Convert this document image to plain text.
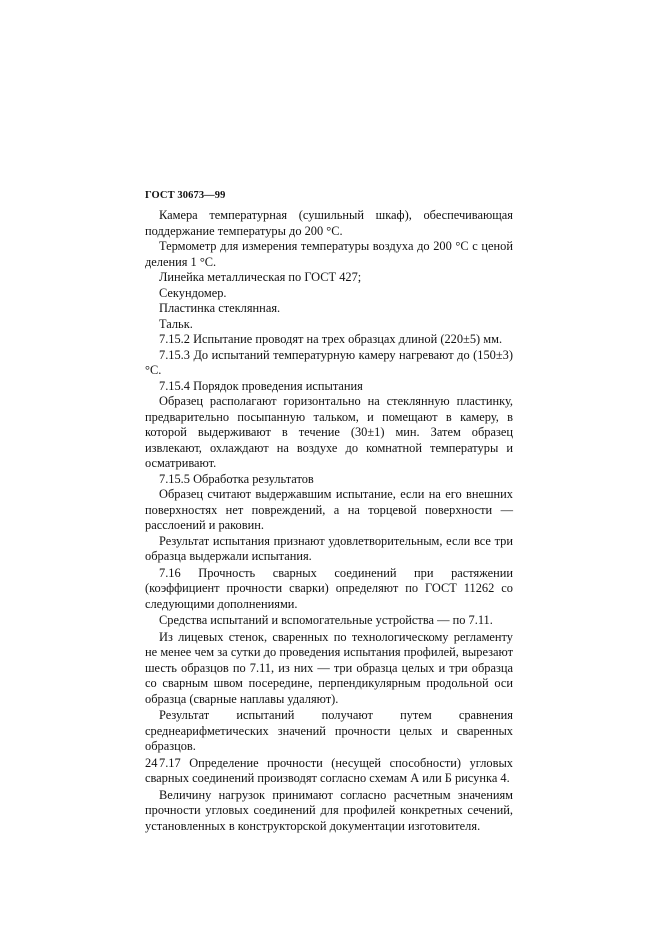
ГОСТ 30673—99

Камера температурная (сушильный шкаф), обеспечивающая поддержание температуры до 200 °С.

Термометр для измерения температуры воздуха до 200 °С с ценой деления 1 °С.

Линейка металлическая по ГОСТ 427;

Секундомер.

Пластинка стеклянная.

Тальк.

7.15.2 Испытание проводят на трех образцах длиной (220±5) мм.

7.15.3 До испытаний температурную камеру нагревают до (150±3) °С.

7.15.4 Порядок проведения испытания

Образец располагают горизонтально на стеклянную пластинку, предварительно посыпанную тальком, и помещают в камеру, в которой выдерживают в течение (30±1) мин. Затем образец извлекают, охлаждают на воздухе до комнатной температуры и осматривают.

7.15.5 Обработка результатов

Образец считают выдержавшим испытание, если на его внешних поверхностях нет повреждений, а на торцевой поверхности — расслоений и раковин.

Результат испытания признают удовлетворительным, если все три образца выдержали испытания.

7.16 Прочность сварных соединений при растяжении (коэффициент прочности сварки) определяют по ГОСТ 11262 со следующими дополнениями.

Средства испытаний и вспомогательные устройства — по 7.11.

Из лицевых стенок, сваренных по технологическому регламенту не менее чем за сутки до проведения испытания профилей, вырезают шесть образцов по 7.11, из них — три образца целых и три образца со сварным швом посередине, перпендикулярным продольной оси образца (сварные наплавы удаляют).

Результат испытаний получают путем сравнения среднеарифметических значений прочности целых и сваренных образцов.

7.17 Определение прочности (несущей способности) угловых сварных соединений производят согласно схемам А или Б рисунка 4.

Величину нагрузок принимают согласно расчетным значениям прочности угловых соединений для профилей конкретных сечений, установленных в конструкторской документации изготовителя.

24
